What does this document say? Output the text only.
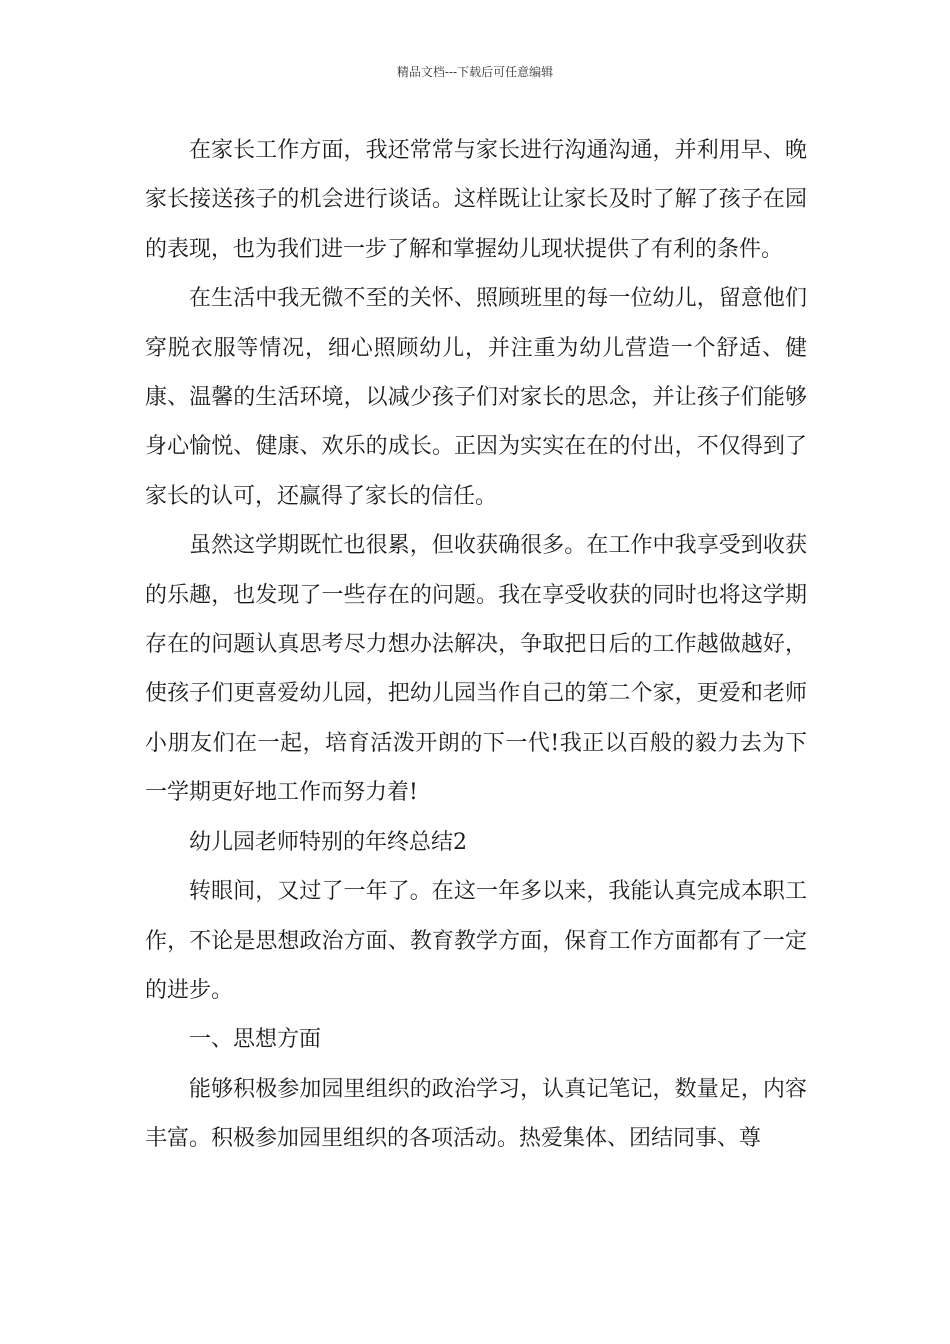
精品文档---下载后可任意编辑

在家长工作方面，我还常常与家长进行沟通沟通，并利用早、晚家长接送孩子的机会进行谈话。这样既让让家长及时了解了孩子在园的表现，也为我们进一步了解和掌握幼儿现状提供了有利的条件。

在生活中我无微不至的关怀、照顾班里的每一位幼儿，留意他们穿脱衣服等情况，细心照顾幼儿，并注重为幼儿营造一个舒适、健康、温馨的生活环境，以减少孩子们对家长的思念，并让孩子们能够身心愉悦、健康、欢乐的成长。正因为实实在在的付出，不仅得到了家长的认可，还赢得了家长的信任。

虽然这学期既忙也很累，但收获确很多。在工作中我享受到收获的乐趣，也发现了一些存在的问题。我在享受收获的同时也将这学期存在的问题认真思考尽力想办法解决，争取把日后的工作越做越好，使孩子们更喜爱幼儿园，把幼儿园当作自己的第二个家，更爱和老师小朋友们在一起，培育活泼开朗的下一代!我正以百般的毅力去为下一学期更好地工作而努力着!

幼儿园老师特别的年终总结2

转眼间，又过了一年了。在这一年多以来，我能认真完成本职工作，不论是思想政治方面、教育教学方面，保育工作方面都有了一定的进步。

一、思想方面

能够积极参加园里组织的政治学习，认真记笔记，数量足，内容丰富。积极参加园里组织的各项活动。热爱集体、团结同事、尊
